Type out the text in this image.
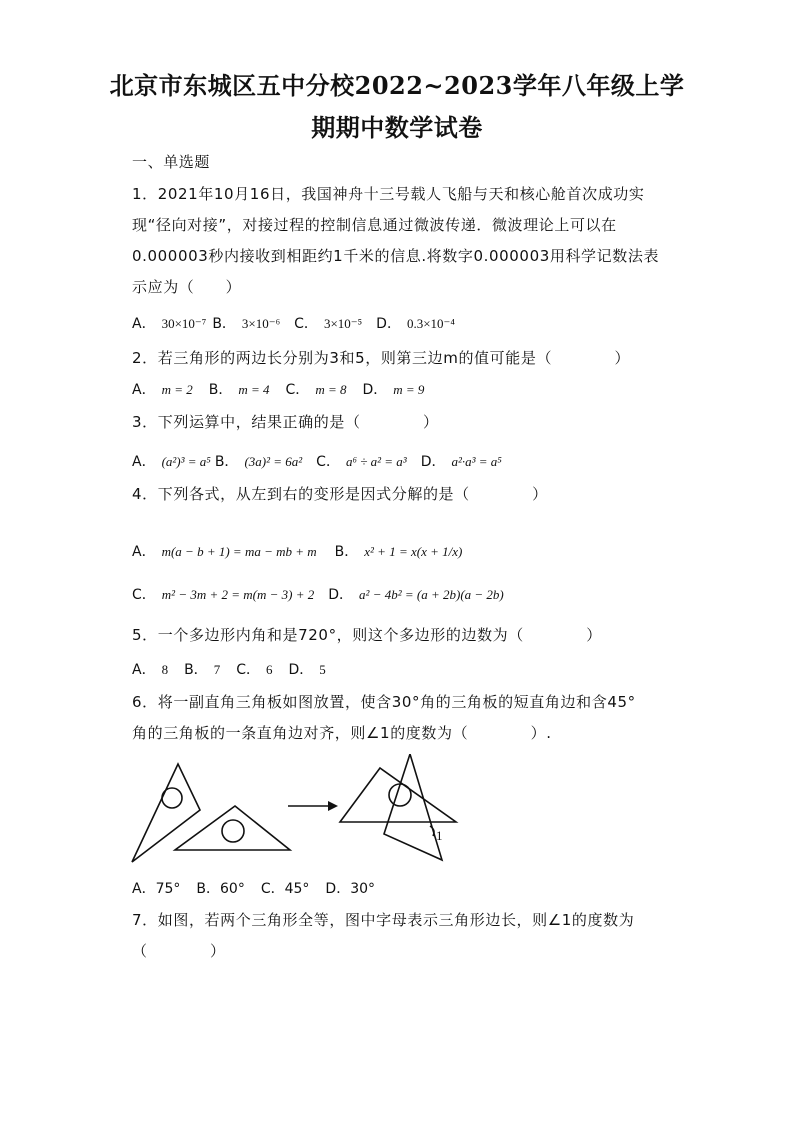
北京市东城区五中分校2022~2023学年八年级上学
期期中数学试卷
一、单选题
1．2021年10月16日，我国神舟十三号载人飞船与天和核心舱首次成功实
现“径向对接”，对接过程的控制信息通过微波传递．微波理论上可以在
0.000003秒内接收到相距约1千米的信息.将数字0.000003用科学记数法表
示应为（　　）
A． 30×10⁻⁷ B． 3×10⁻⁶ C． 3×10⁻⁵ D． 0.3×10⁻⁴
2．若三角形的两边长分别为3和5，则第三边m的值可能是（　　　　）
A． m = 2 B． m = 4 C． m = 8 D． m = 9
3．下列运算中，结果正确的是（　　　　）
A． (a²)³ = a⁵ B． (3a)² = 6a² C． a⁶ ÷ a² = a³ D． a²·a³ = a⁵
4．下列各式，从左到右的变形是因式分解的是（　　　　）
A． m(a − b + 1) = ma − mb + m B． x² + 1 = x(x + 1/x)
C． m² − 3m + 2 = m(m − 3) + 2 D． a² − 4b² = (a + 2b)(a − 2b)
5．一个多边形内角和是720°，则这个多边形的边数为（　　　　）
A． 8 B． 7 C． 6 D． 5
6．将一副直角三角板如图放置，使含30°角的三角板的短直角边和含45°
角的三角板的一条直角边对齐，则∠1的度数为（　　　　）.
1
A．75° B．60° C．45° D．30°
7．如图，若两个三角形全等，图中字母表示三角形边长，则∠1的度数为
（　　　　）
